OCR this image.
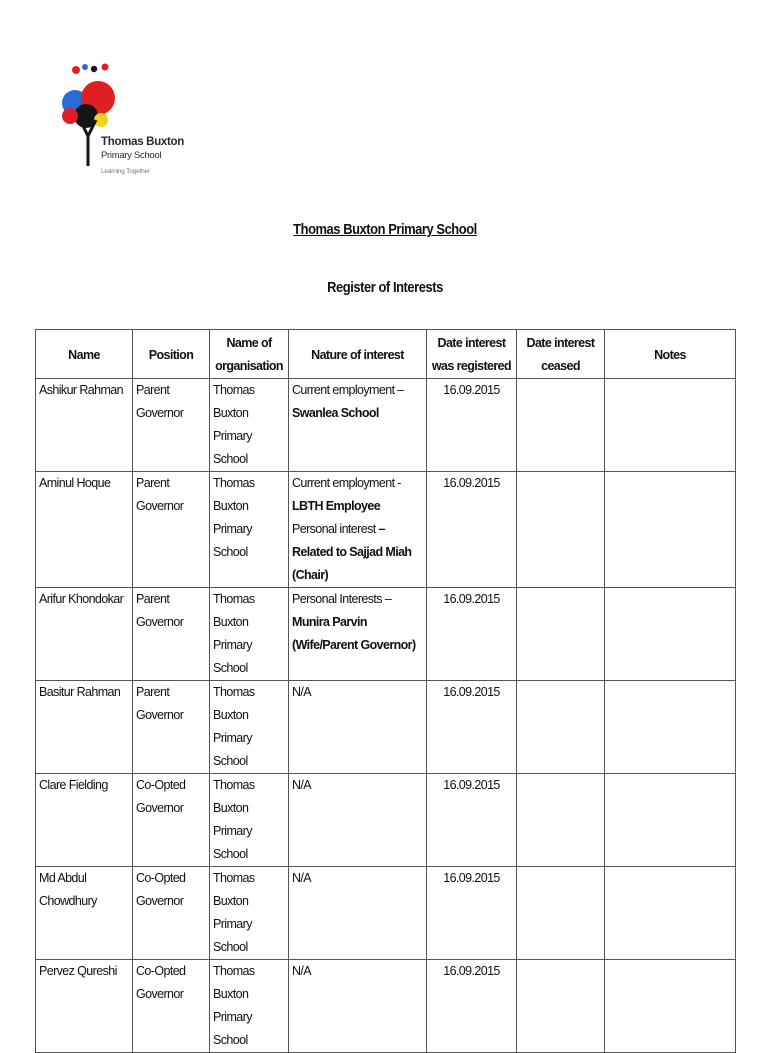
Thomas Buxton
Primary School
Learning Together
Thomas Buxton Primary School
Register of Interests
Name	Position	Name of organisation	Nature of interest	Date interest was registered	Date interest ceased	Notes
Ashikur Rahman	Parent Governor	Thomas Buxton Primary School	Current employment – Swanlea School	16.09.2015		
Aminul Hoque	Parent Governor	Thomas Buxton Primary School	Current employment - LBTH Employee
Personal interest – Related to Sajjad Miah (Chair)	16.09.2015		
Arifur Khondokar	Parent Governor	Thomas Buxton Primary School	Personal Interests – Munira Parvin (Wife/Parent Governor)	16.09.2015		
Basitur Rahman	Parent Governor	Thomas Buxton Primary School	N/A	16.09.2015		
Clare Fielding	Co-Opted Governor	Thomas Buxton Primary School	N/A	16.09.2015		
Md Abdul Chowdhury	Co-Opted Governor	Thomas Buxton Primary School	N/A	16.09.2015		
Pervez Qureshi	Co-Opted Governor	Thomas Buxton Primary School	N/A	16.09.2015		
